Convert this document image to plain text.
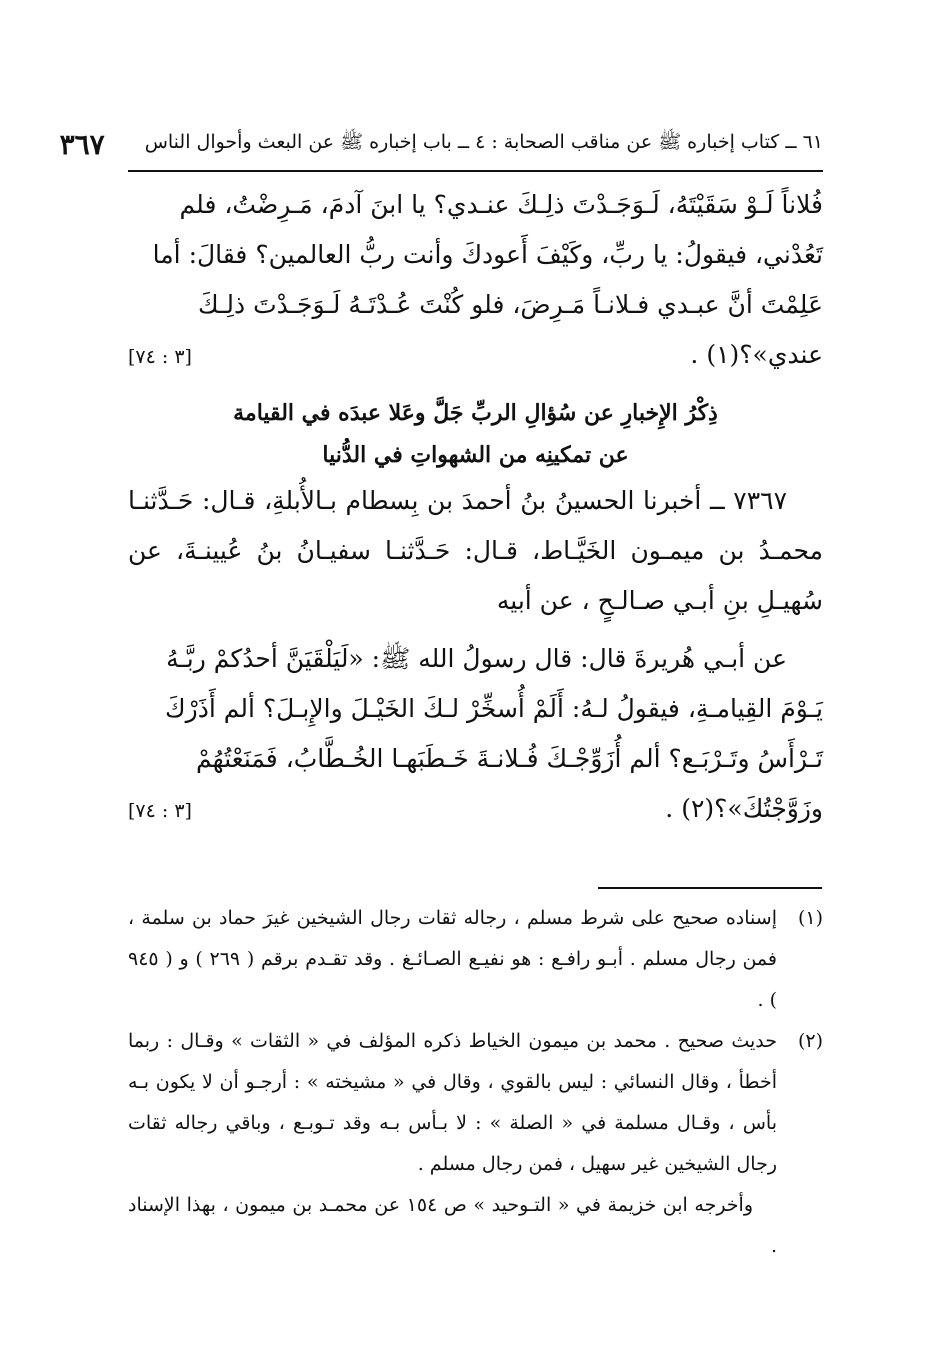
٦١ ــ كتاب إخباره ﷺ عن مناقب الصحابة : ٤ ــ باب إخباره ﷺ عن البعث وأحوال الناس
٣٦٧

فُلاناً لَـوْ سَقَيْتَهُ، لَـوَجَـدْتَ ذلِـكَ عنـدي؟ يا ابنَ آدمَ، مَـرِضْتُ، فلم

تَعُدْني، فيقولُ: يا ربِّ، وكَيْفَ أَعودكَ وأنت ربُّ العالمين؟ فقالَ: أما

عَلِمْتَ أنَّ عبـدي فـلانـاً مَـرِضَ، فلو كُنْتَ عُـدْتَـهُ لَـوَجَـدْتَ ذلِـكَ

عندي»؟(١) .
[٣ : ٧٤]
ذِكْرُ الإِخبارِ عن سُؤالِ الربِّ جَلَّ وعَلا عبدَه في القيامة
عن تمكينِه من الشهواتِ في الدُّنيا

٧٣٦٧ ــ أخبرنا الحسينُ بنُ أحمدَ بن بِسطام بـالأُبلةِ، قـال: حَـدَّثنـا محمـدُ بن ميمـون الخَيَّـاط، قـال: حَـدَّثنـا سفيـانُ بنُ عُيينـةَ، عن سُهيـلِ بنِ أبـي صـالـحٍ ، عن أبيه

عن أبـي هُريرةَ قال: قال رسولُ الله ﷺ: «لَيَلْقَيَنَّ أحدُكمْ ربَّـهُ

يَـوْمَ القِيامـةِ، فيقولُ لـهُ: أَلَمْ أُسخِّرْ لـكَ الخَيْـلَ والإِبـلَ؟ ألم أَذَرْكَ

تَـرْأَسُ وتَـرْبَـع؟ ألم أُزَوِّجْـكَ فُـلانـةَ خَـطَبَهـا الخُـطَّابُ، فَمَنَعْتُهُمْ

وزَوَّجْتُكَ»؟(٢) .
[٣ : ٧٤]
(١)
إسناده صحيح على شرط مسلم ، رجاله ثقات رجال الشيخين غيرَ حماد بن سلمة ، فمن رجال مسلم . أبـو رافـع : هو نفيـع الصـائـغ . وقد تقـدم برقم ( ٢٦٩ ) و ( ٩٤٥ ) .
(٢)
حديث صحيح . محمد بن ميمون الخياط ذكره المؤلف في « الثقات » وقـال : ربما أخطأ ، وقال النسائي : ليس بالقوي ، وقال في « مشيخته » : أرجـو أن لا يكون بـه بأس ، وقـال مسلمة في « الصلة » : لا بـأس بـه وقد تـوبـع ، وباقي رجاله ثقات رجال الشيخين غير سهيل ، فمن رجال مسلم .
وأخرجه ابن خزيمة في « التـوحيد » ص ١٥٤ عن محمـد بن ميمون ، بهذا الإسناد .
